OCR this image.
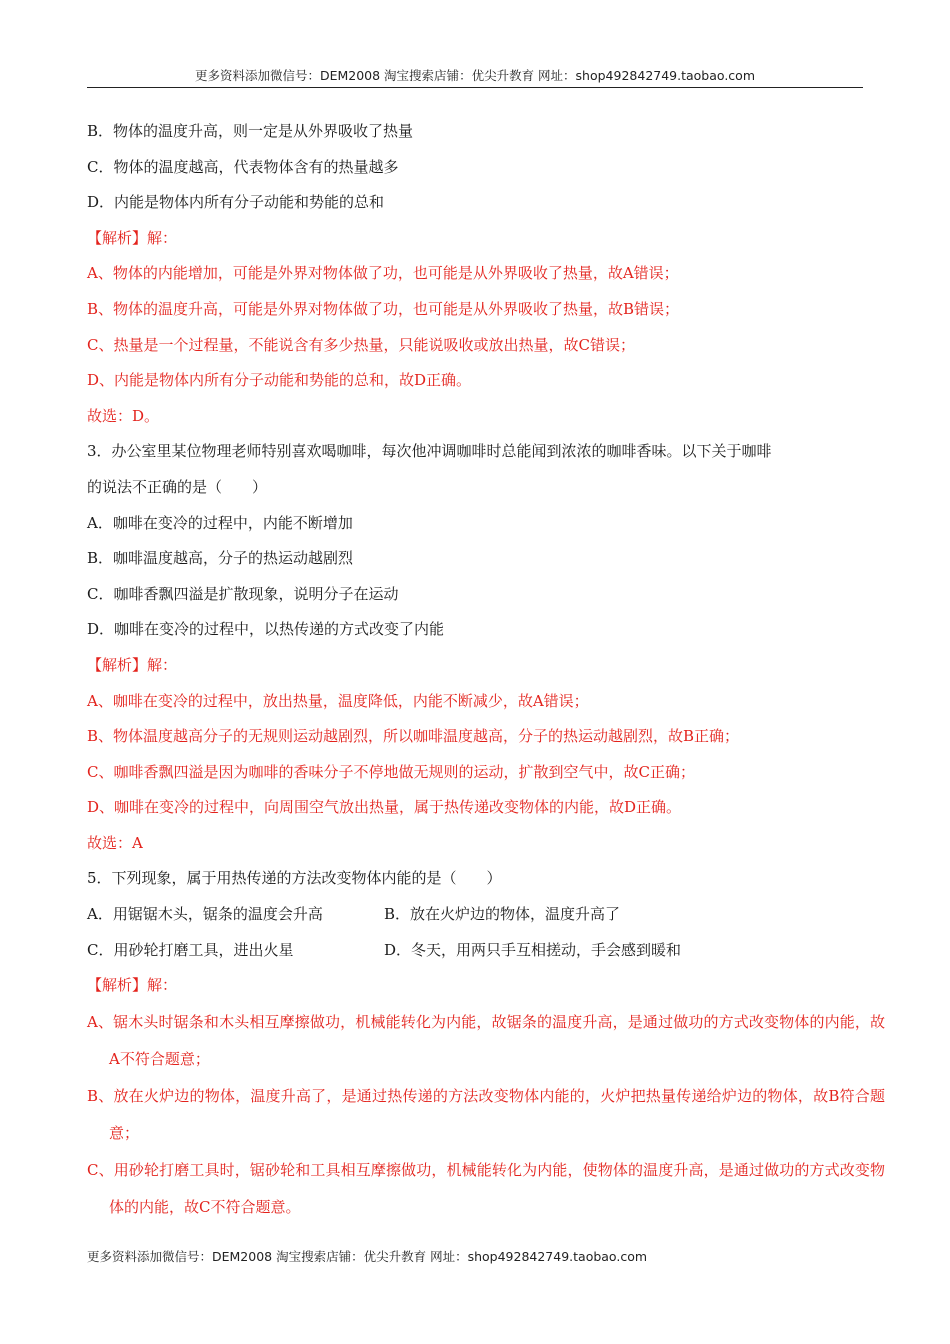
更多资料添加微信号：DEM2008 淘宝搜索店铺：优尖升教育 网址：shop492842749.taobao.com
B．物体的温度升高，则一定是从外界吸收了热量
C．物体的温度越高，代表物体含有的热量越多
D．内能是物体内所有分子动能和势能的总和
【解析】解：
A、物体的内能增加，可能是外界对物体做了功，也可能是从外界吸收了热量，故A错误；
B、物体的温度升高，可能是外界对物体做了功，也可能是从外界吸收了热量，故B错误；
C、热量是一个过程量，不能说含有多少热量，只能说吸收或放出热量，故C错误；
D、内能是物体内所有分子动能和势能的总和，故D正确。
故选：D。
3．办公室里某位物理老师特别喜欢喝咖啡，每次他冲调咖啡时总能闻到浓浓的咖啡香味。以下关于咖啡
的说法不正确的是（　　）
A．咖啡在变冷的过程中，内能不断增加
B．咖啡温度越高，分子的热运动越剧烈
C．咖啡香飘四溢是扩散现象，说明分子在运动
D．咖啡在变冷的过程中，以热传递的方式改变了内能
【解析】解：
A、咖啡在变冷的过程中，放出热量，温度降低，内能不断减少，故A错误；
B、物体温度越高分子的无规则运动越剧烈，所以咖啡温度越高，分子的热运动越剧烈，故B正确；
C、咖啡香飘四溢是因为咖啡的香味分子不停地做无规则的运动，扩散到空气中，故C正确；
D、咖啡在变冷的过程中，向周围空气放出热量，属于热传递改变物体的内能，故D正确。
故选：A
5．下列现象，属于用热传递的方法改变物体内能的是（　　）
A．用锯锯木头，锯条的温度会升高	B．放在火炉边的物体，温度升高了
C．用砂轮打磨工具，进出火星	D．冬天，用两只手互相搓动，手会感到暖和
【解析】解：
A、锯木头时锯条和木头相互摩擦做功，机械能转化为内能，故锯条的温度升高，是通过做功的方式改变物体的内能，故A不符合题意；
B、放在火炉边的物体，温度升高了，是通过热传递的方法改变物体内能的，火炉把热量传递给炉边的物体，故B符合题意；
C、用砂轮打磨工具时，锯砂轮和工具相互摩擦做功，机械能转化为内能，使物体的温度升高，是通过做功的方式改变物体的内能，故C不符合题意。
更多资料添加微信号：DEM2008 淘宝搜索店铺：优尖升教育 网址：shop492842749.taobao.com
